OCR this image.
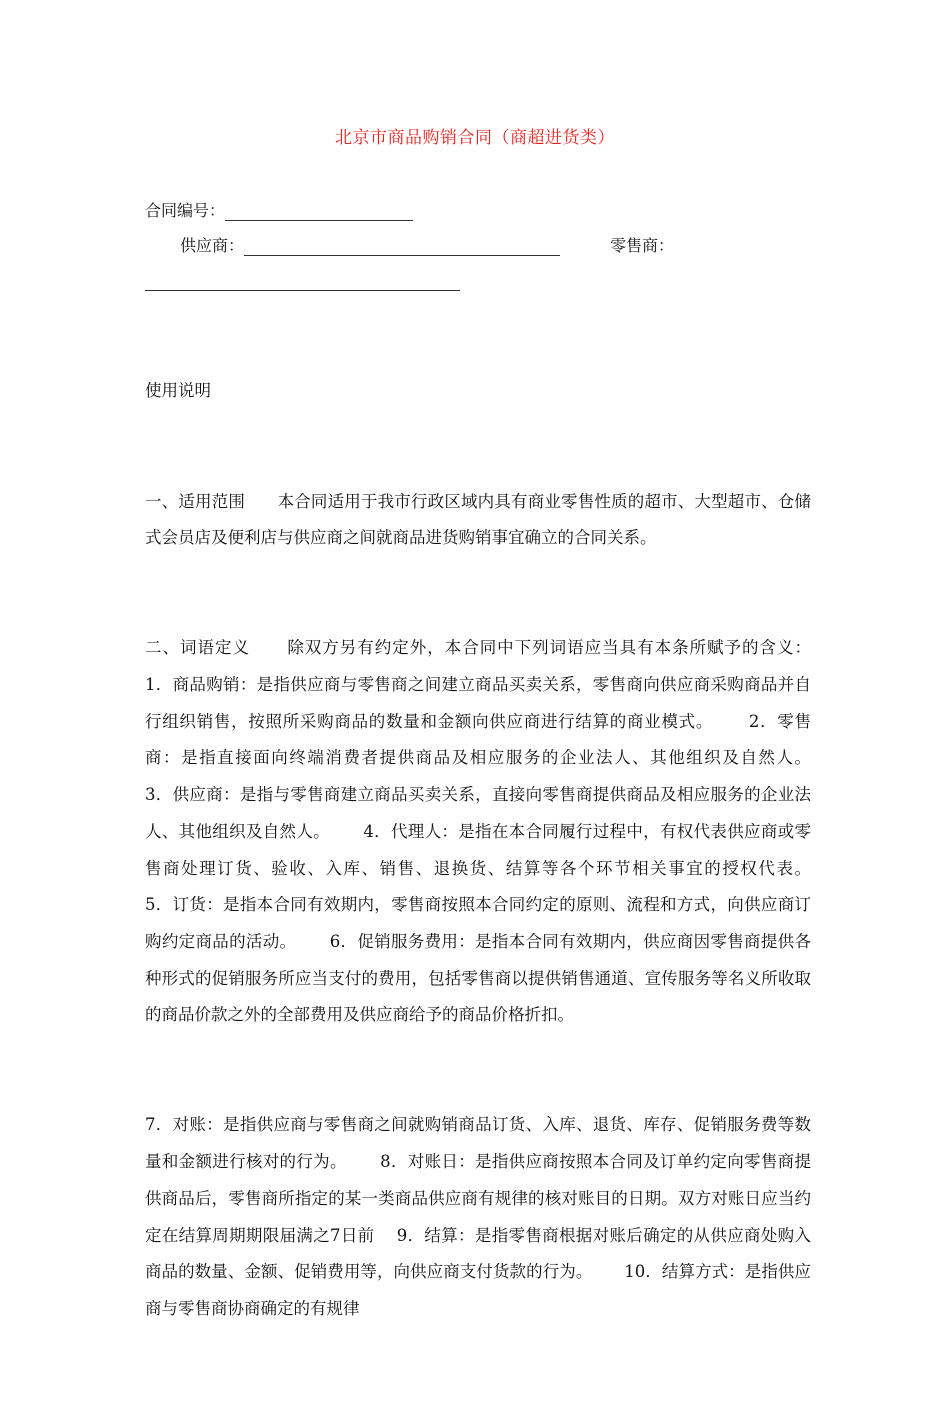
北京市商品购销合同（商超进货类）
合同编号：
供应商：	零售商：

使用说明

一、适用范围      本合同适用于我市行政区域内具有商业零售性质的超市、大型超市、仓储式会员店及便利店与供应商之间就商品进货购销事宜确立的合同关系。

二、词语定义      除双方另有约定外，本合同中下列词语应当具有本条所赋予的含义：      1．商品购销：是指供应商与零售商之间建立商品买卖关系，零售商向供应商采购商品并自行组织销售，按照所采购商品的数量和金额向供应商进行结算的商业模式。      2．零售商：是指直接面向终端消费者提供商品及相应服务的企业法人、其他组织及自然人。      3．供应商：是指与零售商建立商品买卖关系，直接向零售商提供商品及相应服务的企业法人、其他组织及自然人。      4．代理人：是指在本合同履行过程中，有权代表供应商或零售商处理订货、验收、入库、销售、退换货、结算等各个环节相关事宜的授权代表。      5．订货：是指本合同有效期内，零售商按照本合同约定的原则、流程和方式，向供应商订购约定商品的活动。      6．促销服务费用：是指本合同有效期内，供应商因零售商提供各种形式的促销服务所应当支付的费用，包括零售商以提供销售通道、宣传服务等名义所收取的商品价款之外的全部费用及供应商给予的商品价格折扣。

7．对账：是指供应商与零售商之间就购销商品订货、入库、退货、库存、促销服务费等数量和金额进行核对的行为。      8．对账日：是指供应商按照本合同及订单约定向零售商提供商品后，零售商所指定的某一类商品供应商有规律的核对账目的日期。双方对账日应当约定在结算周期期限届满之7日前    9．结算：是指零售商根据对账后确定的从供应商处购入商品的数量、金额、促销费用等，向供应商支付货款的行为。      10．结算方式：是指供应商与零售商协商确定的有规律
